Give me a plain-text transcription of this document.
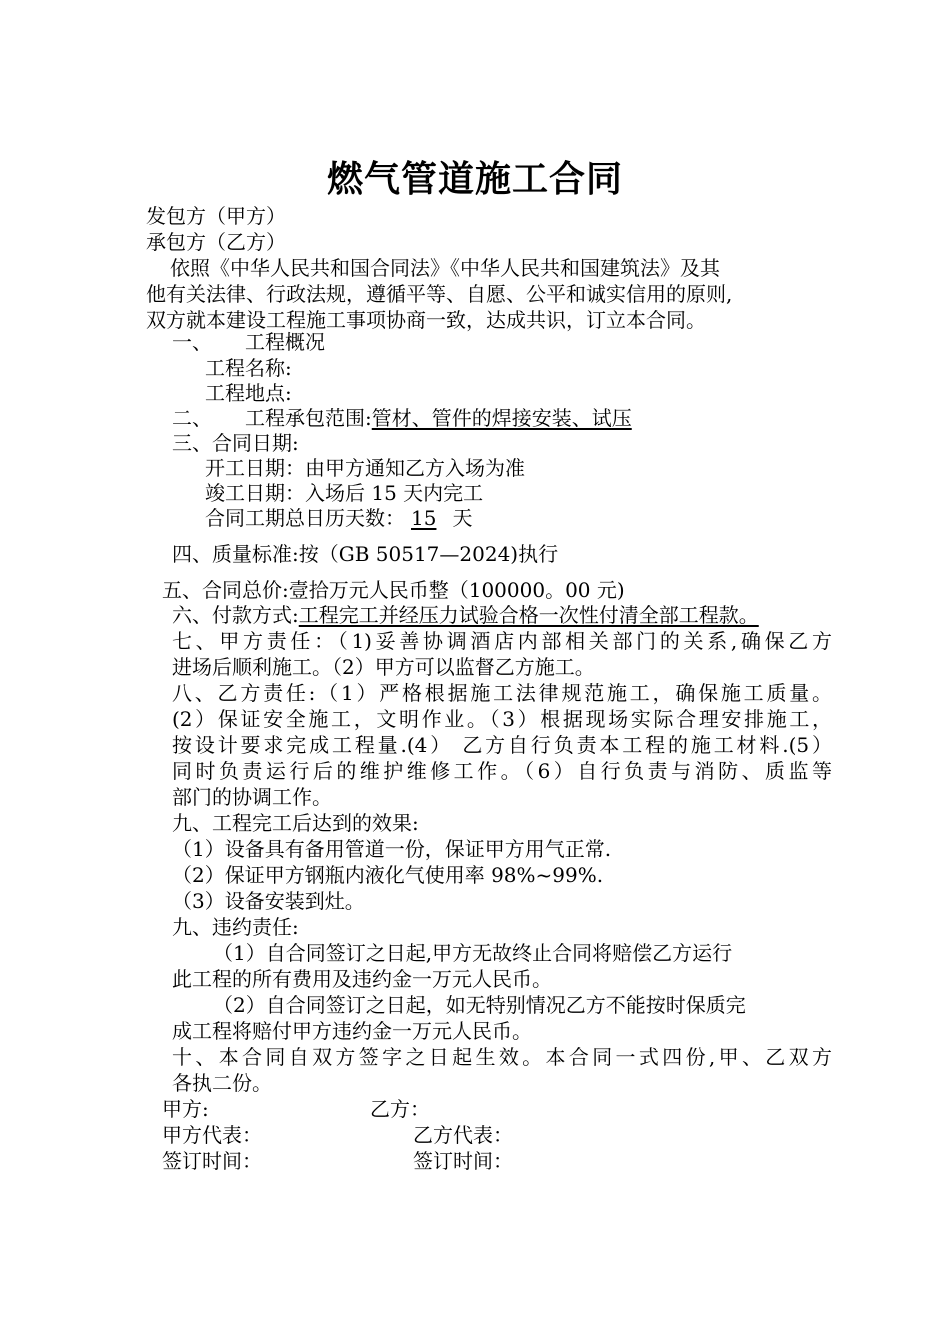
燃气管道施工合同
发包方（甲方）
承包方（乙方）
依照《中华人民共和国合同法》《中华人民共和国建筑法》及其
他有关法律、行政法规，遵循平等、自愿、公平和诚实信用的原则,
双方就本建设工程施工事项协商一致，达成共识，订立本合同。
一、 工程概况
工程名称:
工程地点:
二、 工程承包范围:管材、管件的焊接安装、试压
三、合同日期:
开工日期：由甲方通知乙方入场为准
竣工日期：入场后 15 天内完工
合同工期总日历天数： 15 天
四、质量标准:按（GB 50517—2024)执行
五、合同总价:壹拾万元人民币整（100000。00 元)
六、付款方式:工程完工并经压力试验合格一次性付清全部工程款。
七、甲方责任：（1)妥善协调酒店内部相关部门的关系,确保乙方
进场后顺利施工。（2）甲方可以监督乙方施工。
八、乙方责任:（1）严格根据施工法律规范施工，确保施工质量。
(2）保证安全施工，文明作业。（3）根据现场实际合理安排施工，
按设计要求完成工程量.(4） 乙方自行负责本工程的施工材料.(5）
同时负责运行后的维护维修工作。（6）自行负责与消防、质监等
部门的协调工作。
九、工程完工后达到的效果:
（1）设备具有备用管道一份，保证甲方用气正常.
（2）保证甲方钢瓶内液化气使用率 98%~99%.
（3）设备安装到灶。
九、违约责任:
（1）自合同签订之日起,甲方无故终止合同将赔偿乙方运行
此工程的所有费用及违约金一万元人民币。
（2）自合同签订之日起，如无特别情况乙方不能按时保质完
成工程将赔付甲方违约金一万元人民币。
十、本合同自双方签字之日起生效。本合同一式四份,甲、乙双方
各执二份。
甲方:	乙方：
甲方代表：	乙方代表：
签订时间：	签订时间：
